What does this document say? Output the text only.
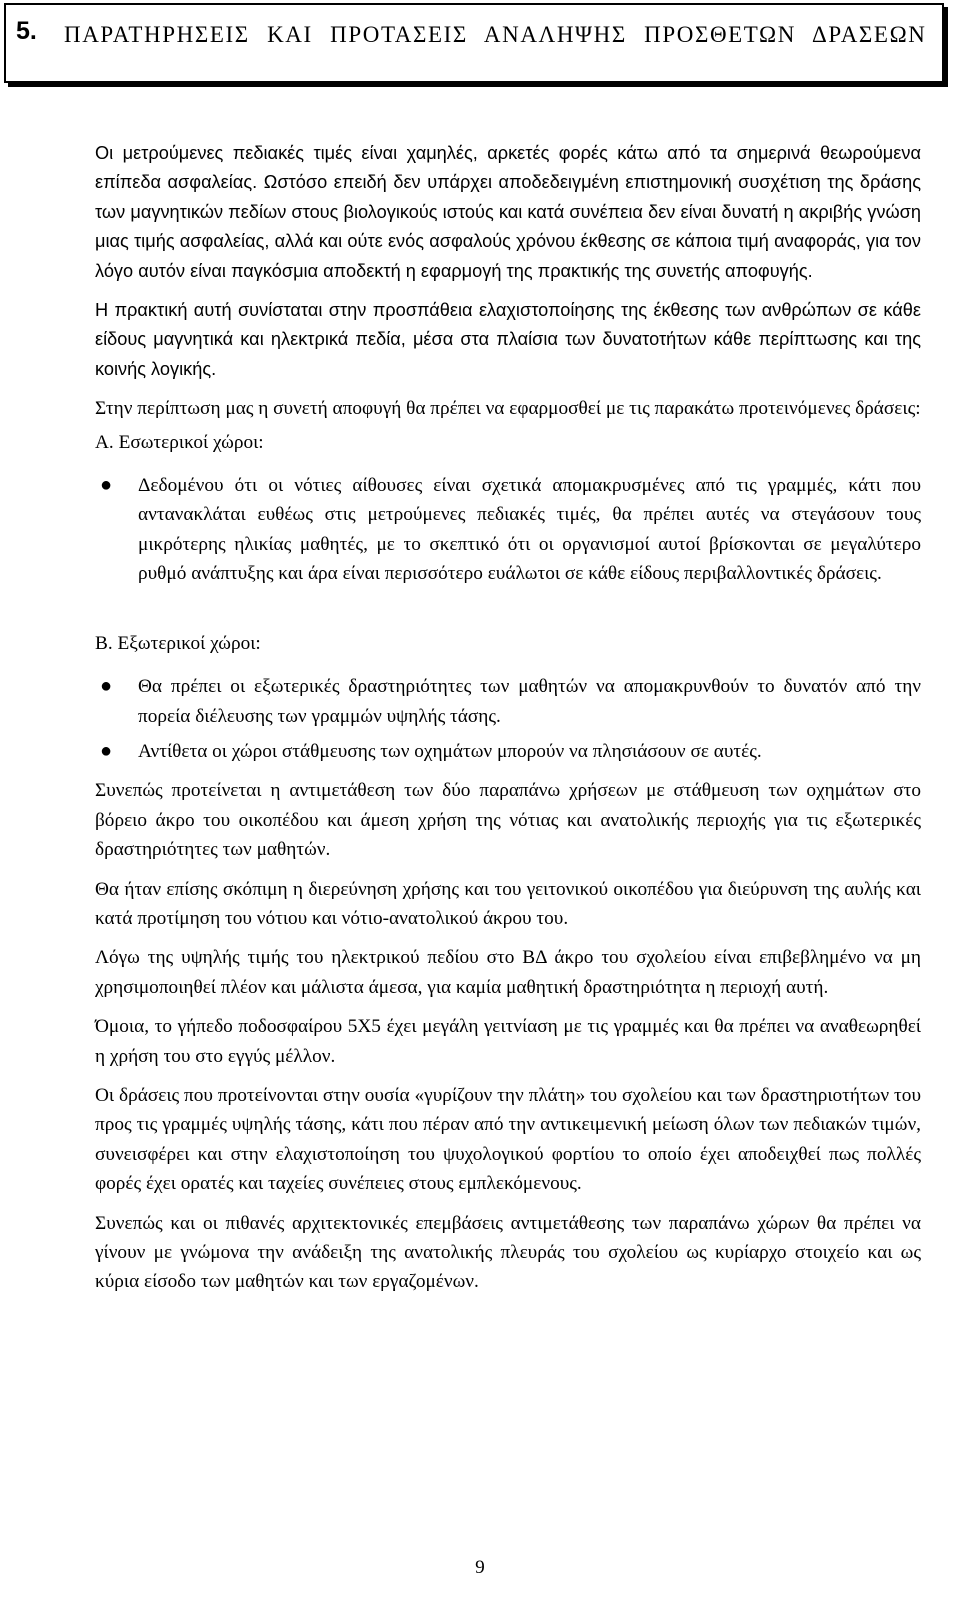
5. ΠΑΡΑΤΗΡΗΣΕΙΣ ΚΑΙ ΠΡΟΤΑΣΕΙΣ ΑΝΑΛΗΨΗΣ ΠΡΟΣΘΕΤΩΝ ΔΡΑΣΕΩΝ

Οι μετρούμενες πεδιακές τιμές είναι χαμηλές, αρκετές φορές κάτω από τα σημερινά θεωρούμενα επίπεδα ασφαλείας. Ωστόσο επειδή δεν υπάρχει αποδεδειγμένη επιστημονική συσχέτιση της δράσης των μαγνητικών πεδίων στους βιολογικούς ιστούς και κατά συνέπεια δεν είναι δυνατή η ακριβής γνώση μιας τιμής ασφαλείας, αλλά και ούτε ενός ασφαλούς χρόνου έκθεσης σε κάποια τιμή αναφοράς, για τον λόγο αυτόν είναι παγκόσμια αποδεκτή η εφαρμογή της πρακτικής της συνετής αποφυγής.

Η πρακτική αυτή συνίσταται στην προσπάθεια ελαχιστοποίησης της έκθεσης των ανθρώπων σε κάθε είδους μαγνητικά και ηλεκτρικά πεδία, μέσα στα πλαίσια των δυνατοτήτων κάθε περίπτωσης και της κοινής λογικής.

Στην περίπτωση μας η συνετή αποφυγή θα πρέπει να εφαρμοσθεί με τις παρακάτω προτεινόμενες δράσεις:

Α. Εσωτερικοί χώροι:

● Δεδομένου ότι οι νότιες αίθουσες είναι σχετικά απομακρυσμένες από τις γραμμές, κάτι που αντανακλάται ευθέως στις μετρούμενες πεδιακές τιμές, θα πρέπει αυτές να στεγάσουν τους μικρότερης ηλικίας μαθητές, με το σκεπτικό ότι οι οργανισμοί αυτοί βρίσκονται σε μεγαλύτερο ρυθμό ανάπτυξης και άρα είναι περισσότερο ευάλωτοι σε κάθε είδους περιβαλλοντικές δράσεις.

Β. Εξωτερικοί χώροι:

● Θα πρέπει οι εξωτερικές δραστηριότητες των μαθητών να απομακρυνθούν το δυνατόν από την πορεία διέλευσης των γραμμών υψηλής τάσης.
● Αντίθετα οι χώροι στάθμευσης των οχημάτων μπορούν να πλησιάσουν σε αυτές.

Συνεπώς προτείνεται η αντιμετάθεση των δύο παραπάνω χρήσεων με στάθμευση των οχημάτων στο βόρειο άκρο του οικοπέδου και άμεση χρήση της νότιας και ανατολικής περιοχής για τις εξωτερικές δραστηριότητες των μαθητών.

Θα ήταν επίσης σκόπιμη η διερεύνηση χρήσης και του γειτονικού οικοπέδου για διεύρυνση της αυλής και κατά προτίμηση του νότιου και νότιο-ανατολικού άκρου του.

Λόγω της υψηλής τιμής του ηλεκτρικού πεδίου στο ΒΔ άκρο του σχολείου είναι επιβεβλημένο να μη χρησιμοποιηθεί πλέον και μάλιστα άμεσα, για καμία μαθητική δραστηριότητα η περιοχή αυτή.

Όμοια, το γήπεδο ποδοσφαίρου 5Χ5 έχει μεγάλη γειτνίαση με τις γραμμές και θα πρέπει να αναθεωρηθεί η χρήση του στο εγγύς μέλλον.

Οι δράσεις που προτείνονται στην ουσία «γυρίζουν την πλάτη» του σχολείου και των δραστηριοτήτων του προς τις γραμμές υψηλής τάσης, κάτι που πέραν από την αντικειμενική μείωση όλων των πεδιακών τιμών, συνεισφέρει και στην ελαχιστοποίηση του ψυχολογικού φορτίου το οποίο έχει αποδειχθεί πως πολλές φορές έχει ορατές και ταχείες συνέπειες στους εμπλεκόμενους.

Συνεπώς και οι πιθανές αρχιτεκτονικές επεμβάσεις αντιμετάθεσης των παραπάνω χώρων θα πρέπει να γίνουν με γνώμονα την ανάδειξη της ανατολικής πλευράς του σχολείου ως κυρίαρχο στοιχείο και ως κύρια είσοδο των μαθητών και των εργαζομένων.

9
